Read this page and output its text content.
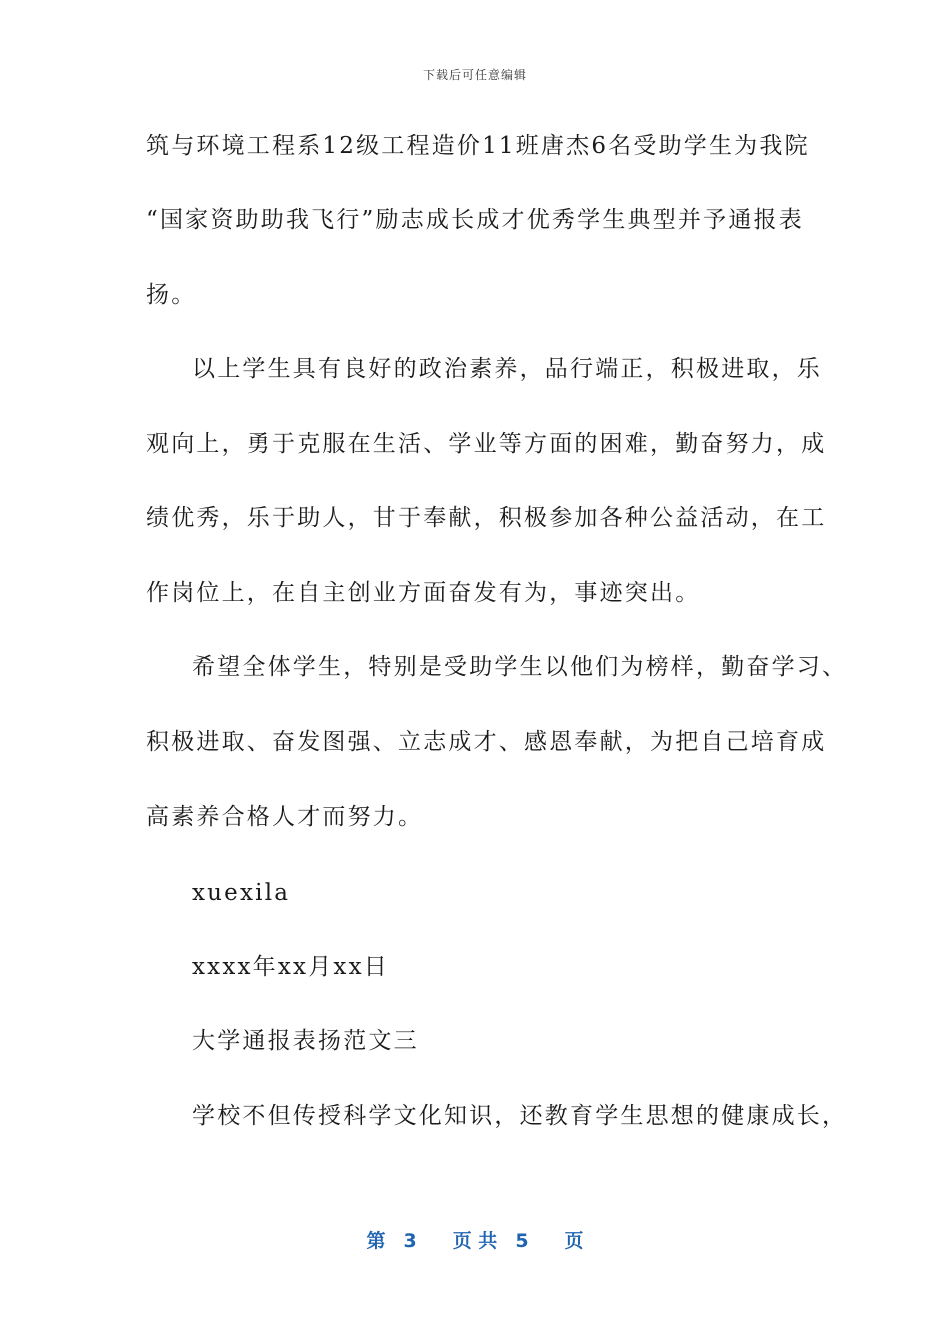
下载后可任意编辑
筑与环境工程系12级工程造价11班唐杰6名受助学生为我院
“国家资助助我飞行”励志成长成才优秀学生典型并予通报表
扬。
以上学生具有良好的政治素养，品行端正，积极进取，乐
观向上，勇于克服在生活、学业等方面的困难，勤奋努力，成
绩优秀，乐于助人，甘于奉献，积极参加各种公益活动，在工
作岗位上，在自主创业方面奋发有为，事迹突出。
希望全体学生，特别是受助学生以他们为榜样，勤奋学习、
积极进取、奋发图强、立志成才、感恩奉献，为把自己培育成
高素养合格人才而努力。
xuexila
xxxx年xx月xx日
大学通报表扬范文三
学校不但传授科学文化知识，还教育学生思想的健康成长，
第 3 页 共 5 页
